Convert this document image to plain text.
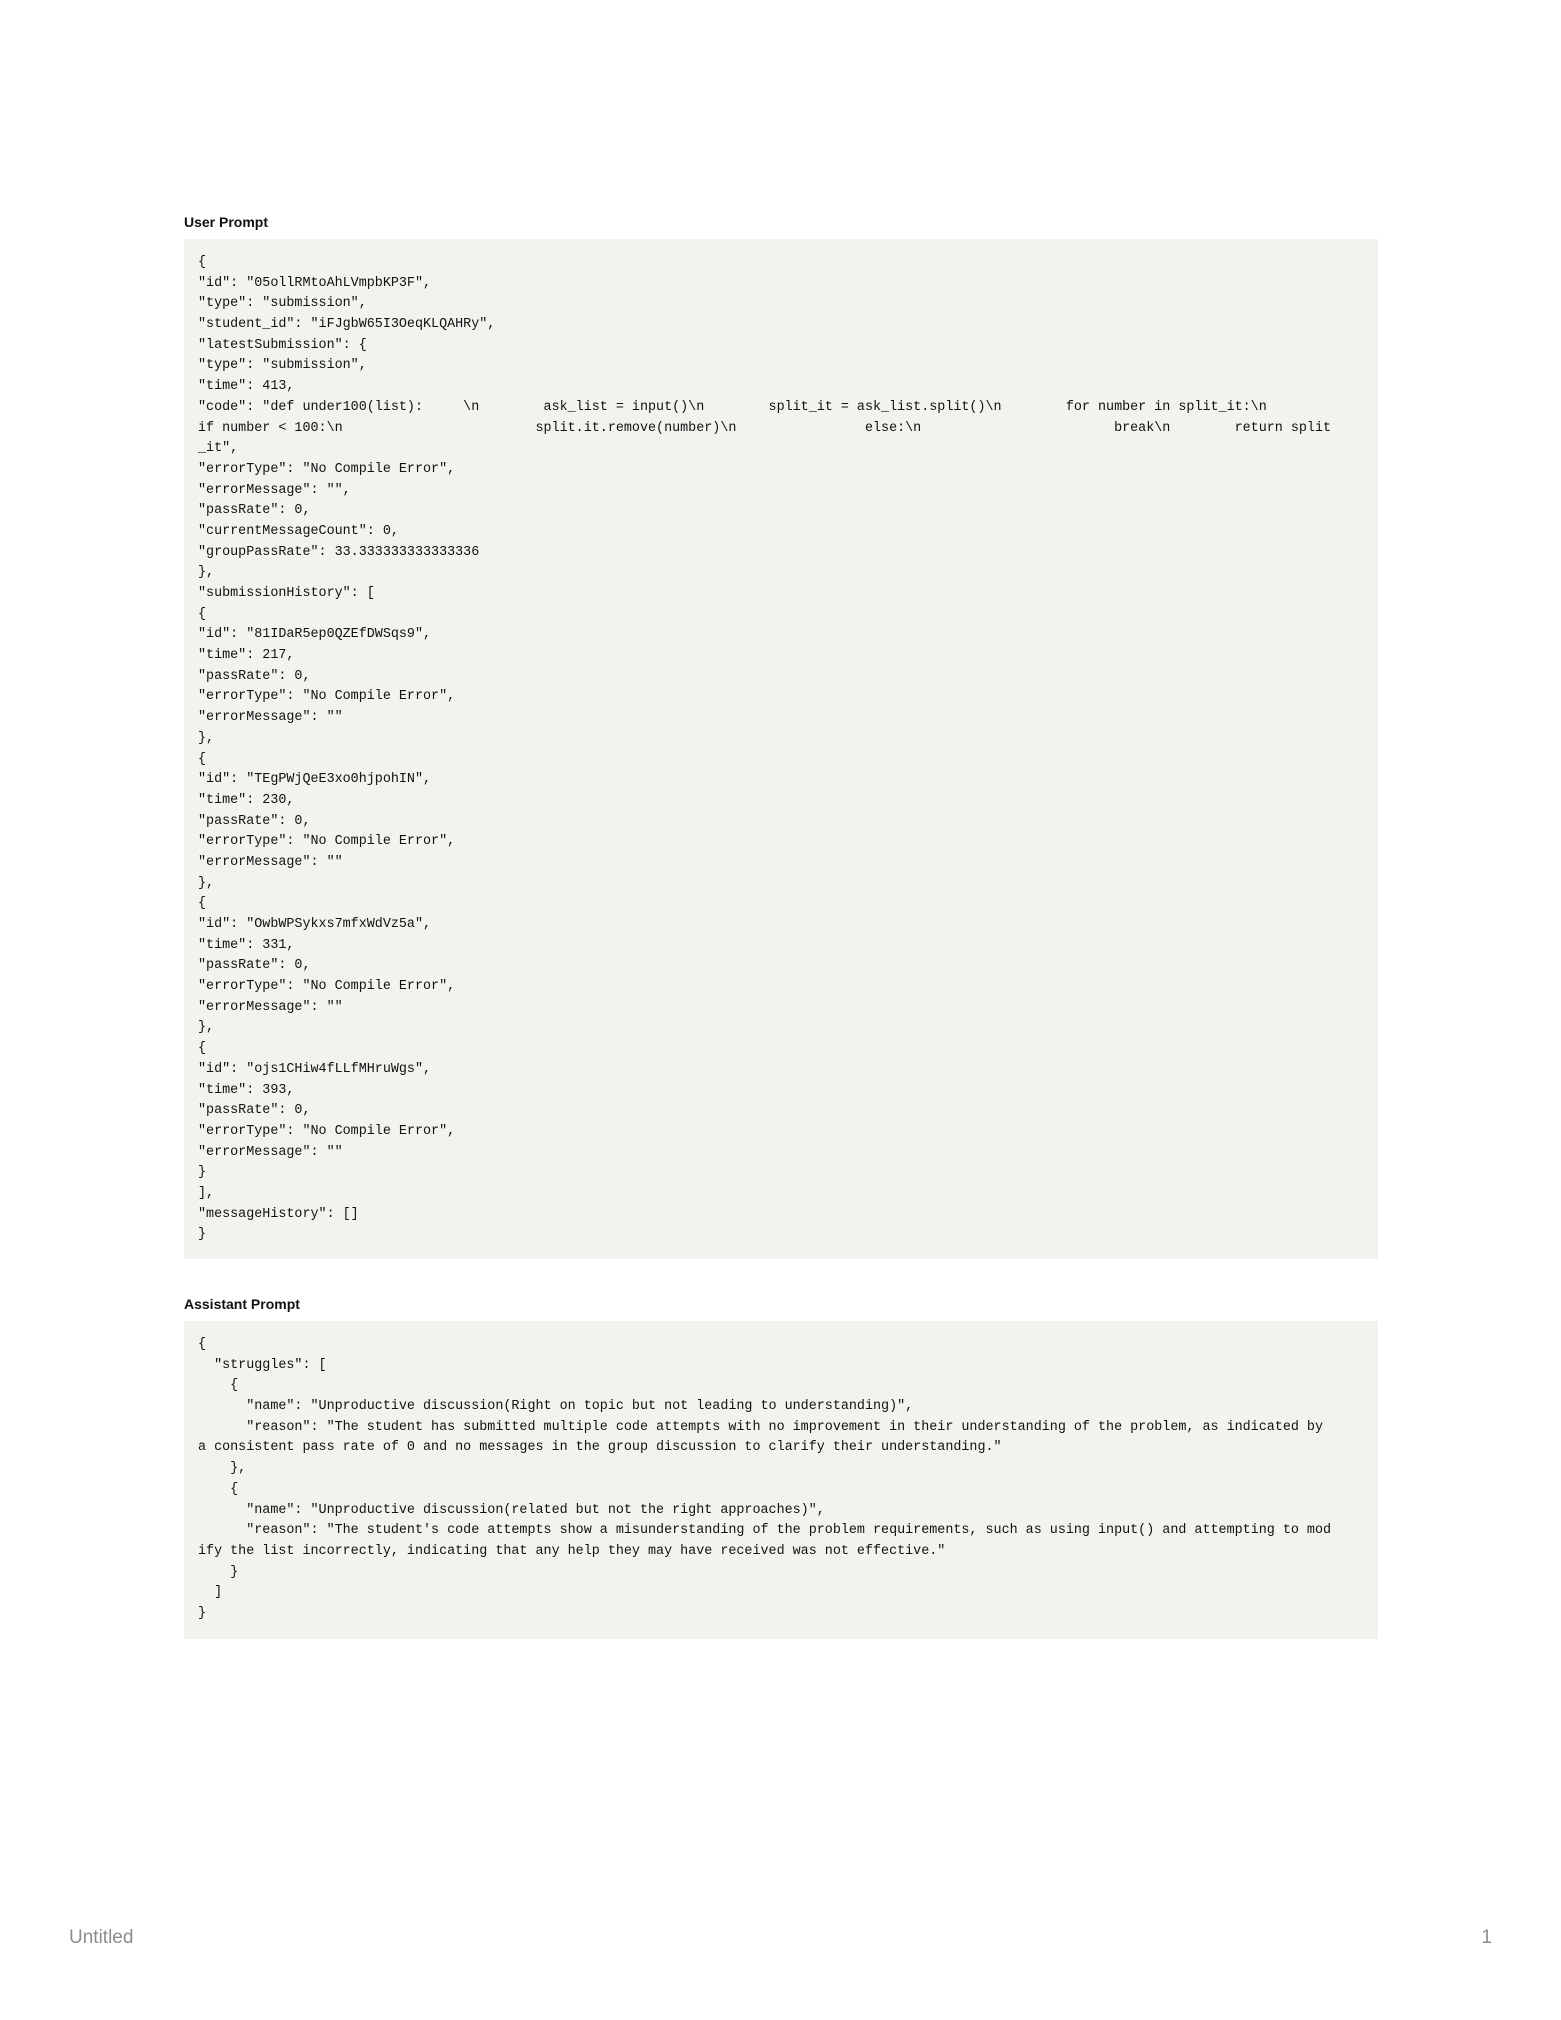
User Prompt
{
"id": "05ollRMtoAhLVmpbKP3F",
"type": "submission",
"student_id": "iFJgbW65I3OeqKLQAHRy",
"latestSubmission": {
"type": "submission",
"time": 413,
"code": "def under100(list):     \n        ask_list = input()\n        split_it = ask_list.split()\n        for number in split_it:\n
if number < 100:\n                        split.it.remove(number)\n                else:\n                        break\n        return split
_it",
"errorType": "No Compile Error",
"errorMessage": "",
"passRate": 0,
"currentMessageCount": 0,
"groupPassRate": 33.333333333333336
},
"submissionHistory": [
{
"id": "81IDaR5ep0QZEfDWSqs9",
"time": 217,
"passRate": 0,
"errorType": "No Compile Error",
"errorMessage": ""
},
{
"id": "TEgPWjQeE3xo0hjpohIN",
"time": 230,
"passRate": 0,
"errorType": "No Compile Error",
"errorMessage": ""
},
{
"id": "OwbWPSykxs7mfxWdVz5a",
"time": 331,
"passRate": 0,
"errorType": "No Compile Error",
"errorMessage": ""
},
{
"id": "ojs1CHiw4fLLfMHruWgs",
"time": 393,
"passRate": 0,
"errorType": "No Compile Error",
"errorMessage": ""
}
],
"messageHistory": []
}
Assistant Prompt
{
"struggles": [
{
"name": "Unproductive discussion(Right on topic but not leading to understanding)",
"reason": "The student has submitted multiple code attempts with no improvement in their understanding of the problem, as indicated by
a consistent pass rate of 0 and no messages in the group discussion to clarify their understanding."
},
{
"name": "Unproductive discussion(related but not the right approaches)",
"reason": "The student's code attempts show a misunderstanding of the problem requirements, such as using input() and attempting to mod
ify the list incorrectly, indicating that any help they may have received was not effective."
}
]
}
Untitled	1
